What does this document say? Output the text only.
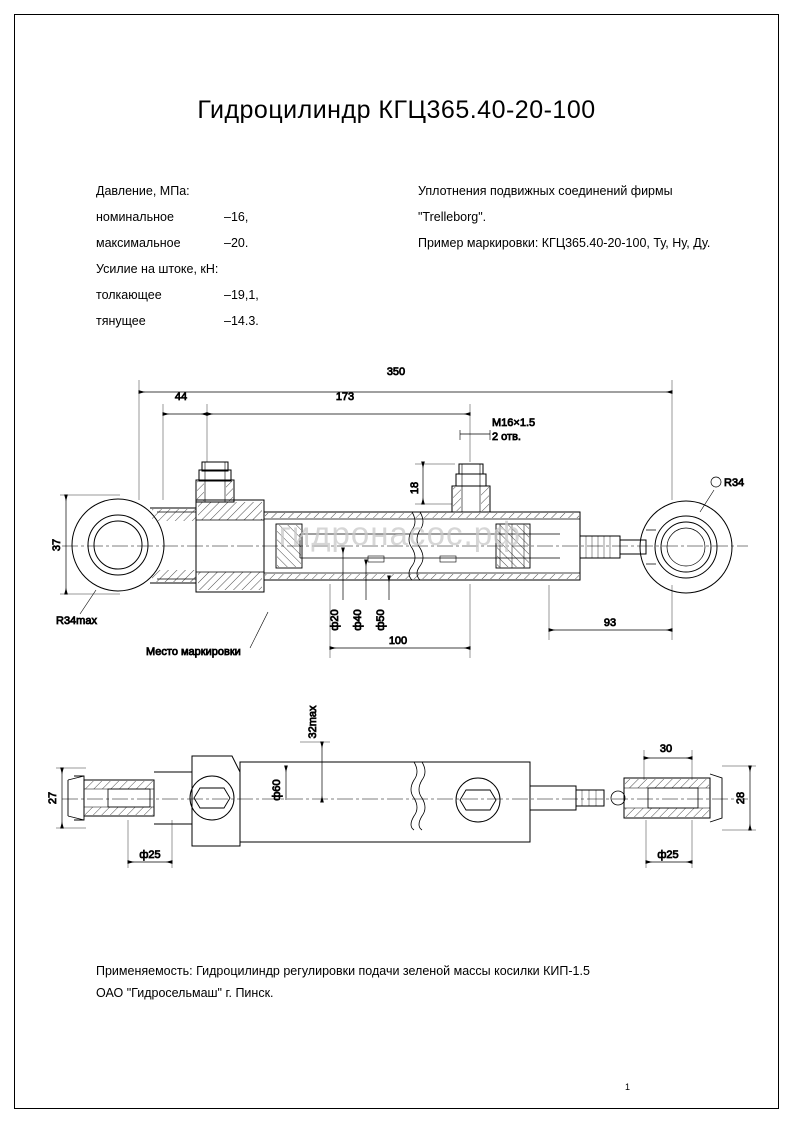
Гидроцилиндр КГЦ365.40-20-100
Давление, МПа:
номинальное	–16,
максимальное	–20.
Усилие на штоке, кН:
толкающее	–19,1,
тянущее	–14.3.
Уплотнения подвижных соединений фирмы
"Trelleborg".
Пример маркировки: КГЦ365.40-20-100, Ту, Ну, Ду.
гидронасос.рф
350
44	173
M16×1.5
2 отв.
18
37
R34max
R34
Место маркировки
93
100
ф20 ф40 ф50
27	28
30
32max
ф60
ф25	ф25
Применяемость: Гидроцилиндр регулировки подачи зеленой массы косилки КИП-1.5
ОАО "Гидросельмаш" г. Пинск.
1
